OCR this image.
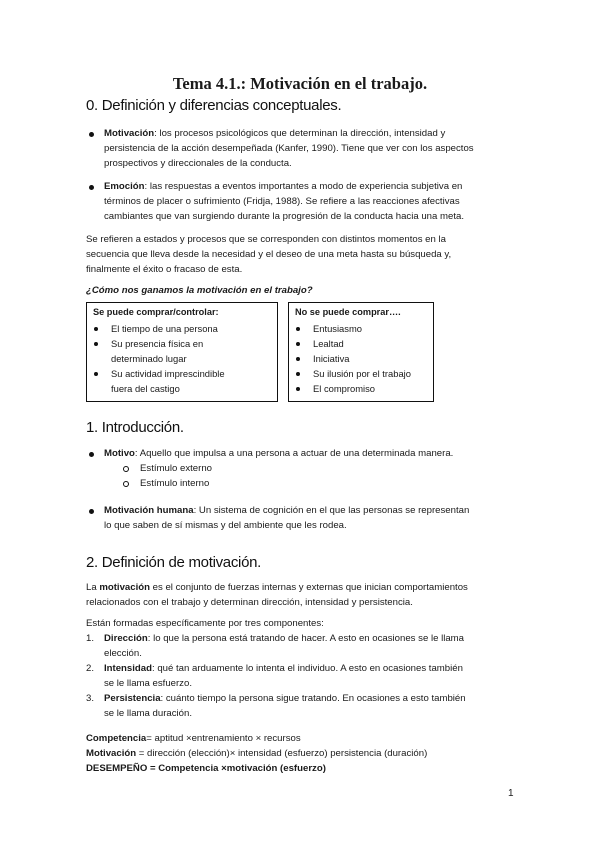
Tema 4.1.: Motivación en el trabajo.
0. Definición y diferencias conceptuales.
Motivación: los procesos psicológicos que determinan la dirección, intensidad y
persistencia de la acción desempeñada (Kanfer, 1990). Tiene que ver con los aspectos
prospectivos y direccionales de la conducta.
Emoción: las respuestas a eventos importantes a modo de experiencia subjetiva en
términos de placer o sufrimiento (Fridja, 1988). Se refiere a las reacciones afectivas
cambiantes que van surgiendo durante la progresión de la conducta hacia una meta.
Se refieren a estados y procesos que se corresponden con distintos momentos en la
secuencia que lleva desde la necesidad y el deseo de una meta hasta su búsqueda y,
finalmente el éxito o fracaso de esta.
¿Cómo nos ganamos la motivación en el trabajo?
Se puede comprar/controlar:
El tiempo de una persona
Su presencia física en
determinado lugar
Su actividad imprescindible
fuera del castigo
No se puede comprar….
Entusiasmo
Lealtad
Iniciativa
Su ilusión por el trabajo
El compromiso
1. Introducción.
Motivo: Aquello que impulsa a una persona a actuar de una determinada manera.
Estímulo externo
Estímulo interno
Motivación humana: Un sistema de cognición en el que las personas se representan
lo que saben de sí mismas y del ambiente que les rodea.
2. Definición de motivación.
La motivación es el conjunto de fuerzas internas y externas que inician comportamientos
relacionados con el trabajo y determinan dirección, intensidad y persistencia.
Están formadas específicamente por tres componentes:
1. Dirección: lo que la persona está tratando de hacer. A esto en ocasiones se le llama
elección.
2. Intensidad: qué tan arduamente lo intenta el individuo. A esto en ocasiones también
se le llama esfuerzo.
3. Persistencia: cuánto tiempo la persona sigue tratando. En ocasiones a esto también
se le llama duración.
Competencia= aptitud ×entrenamiento × recursos
Motivación = dirección (elección)× intensidad (esfuerzo) persistencia (duración)
DESEMPEÑO = Competencia ×motivación (esfuerzo)
1
